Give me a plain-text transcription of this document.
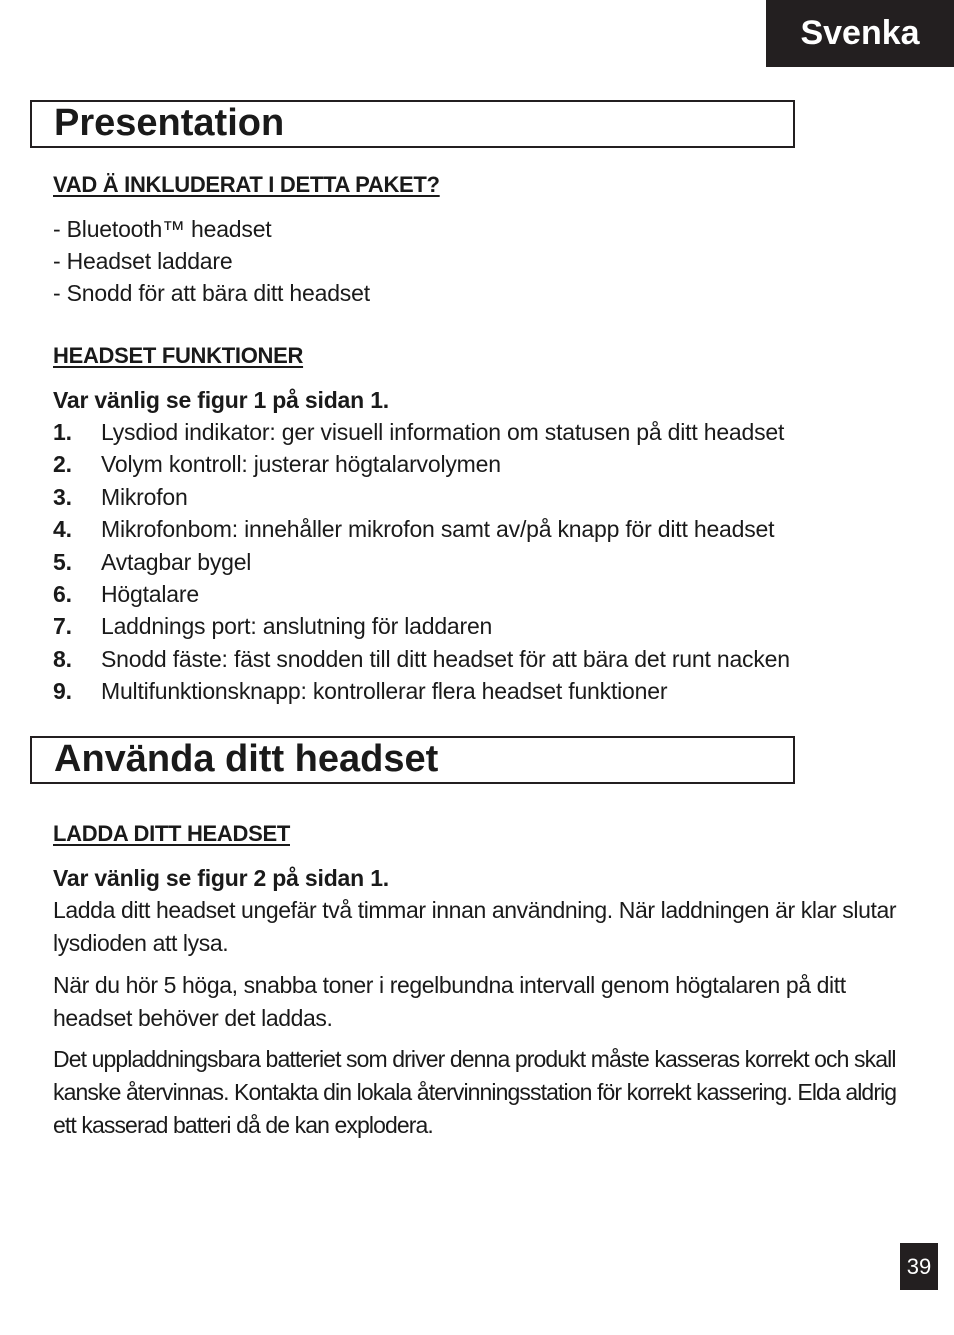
Svenka
Presentation
VAD Ä INKLUDERAT I DETTA PAKET?
- Bluetooth™ headset
- Headset laddare
- Snodd för att bära ditt headset
HEADSET FUNKTIONER
Var vänlig se figur 1 på sidan 1.
1. Lysdiod indikator: ger visuell information om statusen på ditt headset
2. Volym kontroll: justerar högtalarvolymen
3. Mikrofon
4. Mikrofonbom: innehåller mikrofon samt av/på knapp för ditt headset
5. Avtagbar bygel
6. Högtalare
7. Laddnings port: anslutning för laddaren
8. Snodd fäste: fäst snodden till ditt headset för att bära det runt nacken
9. Multifunktionsknapp: kontrollerar flera headset funktioner
Använda ditt headset
LADDA DITT HEADSET
Var vänlig se figur 2 på sidan 1.
Ladda ditt headset ungefär två timmar innan användning. När laddningen är klar slutar lysdioden att lysa.
När du hör 5 höga, snabba toner i regelbundna intervall genom högtalaren på ditt headset behöver det laddas.
Det uppladdningsbara batteriet som driver denna produkt måste kasseras korrekt och skall kanske återvinnas. Kontakta din lokala återvinningsstation för korrekt kassering. Elda aldrig ett kasserad batteri då de kan explodera.
39
